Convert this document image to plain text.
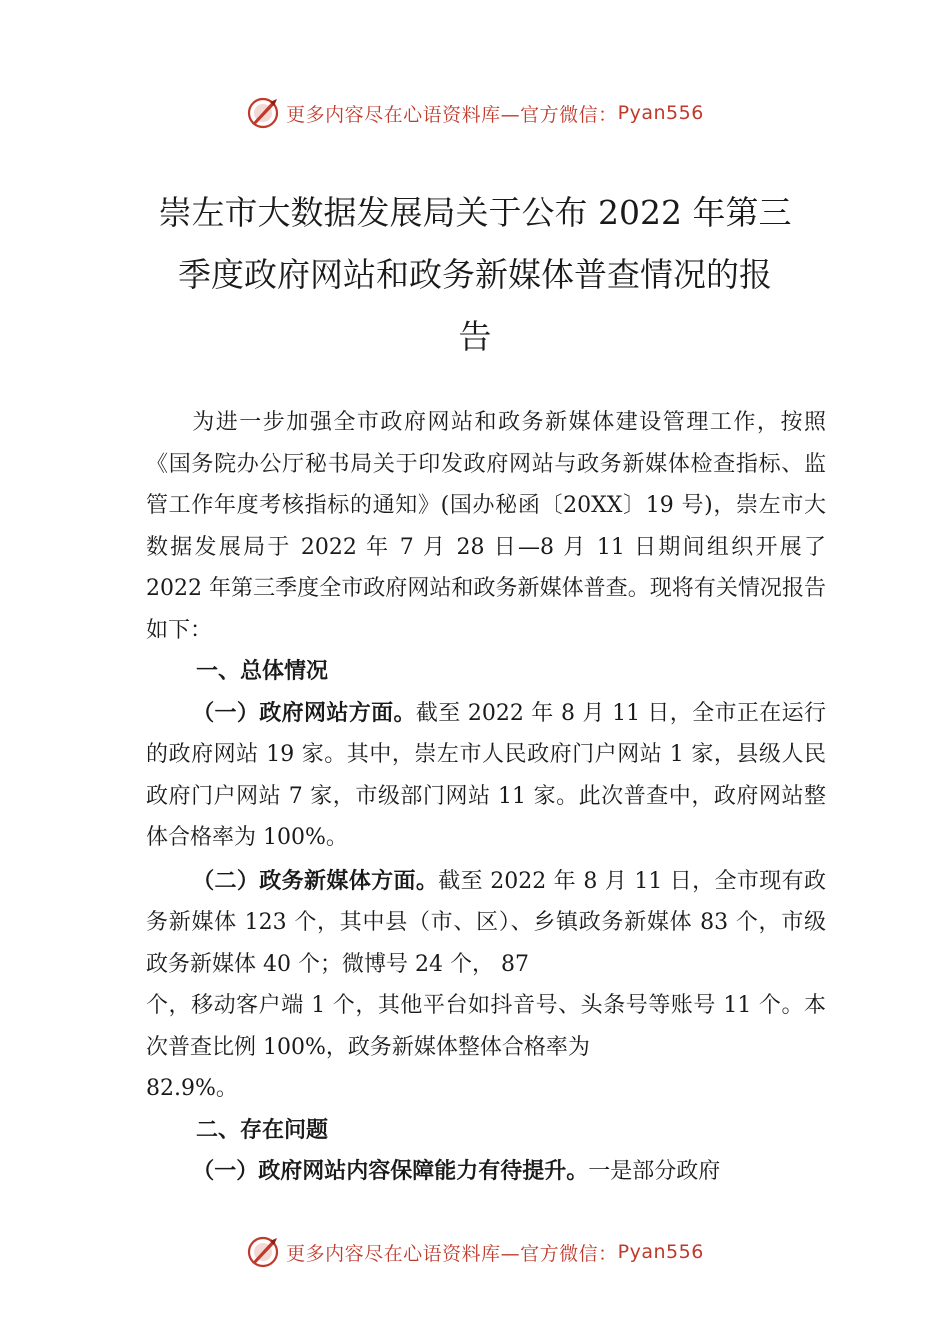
更多内容尽在心语资料库—官方微信： Pyan556
崇左市大数据发展局关于公布 2022 年第三
季度政府网站和政务新媒体普查情况的报
告

为进一步加强全市政府网站和政务新媒体建设管理工作，按照《国务院办公厅秘书局关于印发政府网站与政务新媒体检查指标、监管工作年度考核指标的通知》(国办秘函〔20XX〕19 号)，崇左市大数据发展局于 2022 年 7 月 28 日—8 月 11 日期间组织开展了 2022 年第三季度全市政府网站和政务新媒体普查。现将有关情况报告如下：

一、总体情况

（一）政府网站方面。截至 2022 年 8 月 11 日，全市正在运行的政府网站 19 家。其中，崇左市人民政府门户网站 1 家，县级人民政府门户网站 7 家，市级部门网站 11 家。此次普查中，政府网站整体合格率为 100%。

（二）政务新媒体方面。截至 2022 年 8 月 11 日，全市现有政务新媒体 123 个，其中县（市、区）、乡镇政务新媒体 83 个，市级政务新媒体 40 个；微博号 24 个， 87

个，移动客户端 1 个，其他平台如抖音号、头条号等账号 11 个。本次普查比例 100%，政务新媒体整体合格率为

82.9%。

二、存在问题

（一）政府网站内容保障能力有待提升。一是部分政府

更多内容尽在心语资料库—官方微信： Pyan556
